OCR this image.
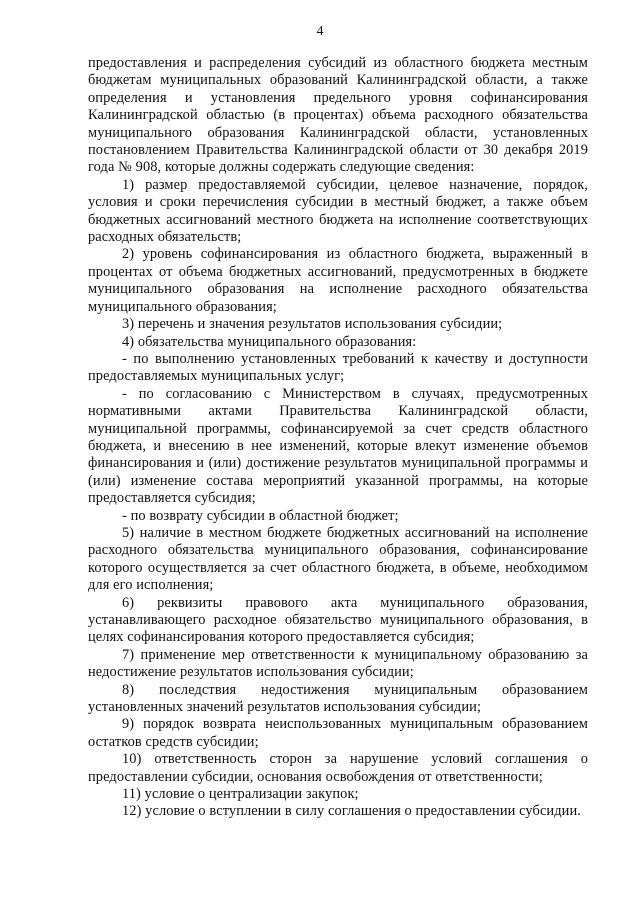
4

предоставления и распределения субсидий из областного бюджета местным бюджетам муниципальных образований Калининградской области, а также определения и установления предельного уровня софинансирования Калининградской областью (в процентах) объема расходного обязательства муниципального образования Калининградской области, установленных постановлением Правительства Калининградской области от 30 декабря 2019 года № 908, которые должны содержать следующие сведения:

1) размер предоставляемой субсидии, целевое назначение, порядок, условия и сроки перечисления субсидии в местный бюджет, а также объем бюджетных ассигнований местного бюджета на исполнение соответствующих расходных обязательств;

2) уровень софинансирования из областного бюджета, выраженный в процентах от объема бюджетных ассигнований, предусмотренных в бюджете муниципального образования на исполнение расходного обязательства муниципального образования;

3) перечень и значения результатов использования субсидии;

4) обязательства муниципального образования:

- по выполнению установленных требований к качеству и доступности предоставляемых муниципальных услуг;

- по согласованию с Министерством в случаях, предусмотренных нормативными актами Правительства Калининградской области, муниципальной программы, софинансируемой за счет средств областного бюджета, и внесению в нее изменений, которые влекут изменение объемов финансирования и (или) достижение результатов муниципальной программы и (или) изменение состава мероприятий указанной программы, на которые предоставляется субсидия;

- по возврату субсидии в областной бюджет;

5) наличие в местном бюджете бюджетных ассигнований на исполнение расходного обязательства муниципального образования, софинансирование которого осуществляется за счет областного бюджета, в объеме, необходимом для его исполнения;

6) реквизиты правового акта муниципального образования, устанавливающего расходное обязательство муниципального образования, в целях софинансирования которого предоставляется субсидия;

7) применение мер ответственности к муниципальному образованию за недостижение результатов использования субсидии;

8) последствия недостижения муниципальным образованием установленных значений результатов использования субсидии;

9) порядок возврата неиспользованных муниципальным образованием остатков средств субсидии;

10) ответственность сторон за нарушение условий соглашения о предоставлении субсидии, основания освобождения от ответственности;

11) условие о централизации закупок;

12) условие о вступлении в силу соглашения о предоставлении субсидии.
